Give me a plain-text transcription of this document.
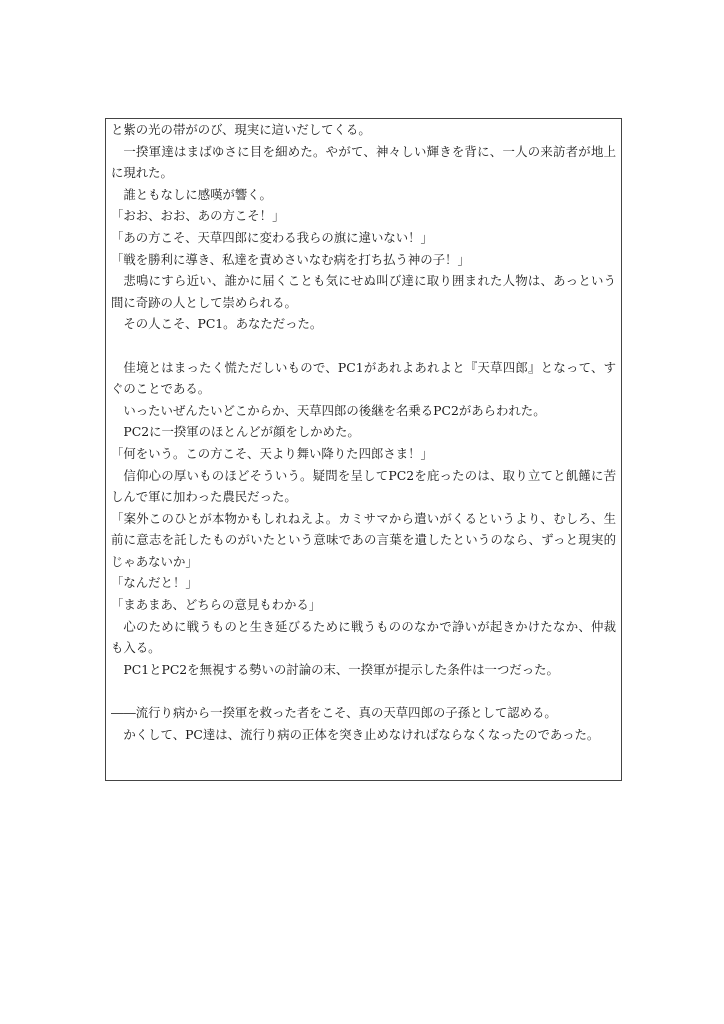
と紫の光の帯がのび、現実に這いだしてくる。

一揆軍達はまばゆさに目を細めた。やがて、神々しい輝きを背に、一人の来訪者が地上に現れた。

誰ともなしに感嘆が響く。

「おお、おお、あの方こそ！」

「あの方こそ、天草四郎に変わる我らの旗に違いない！」

「戦を勝利に導き、私達を責めさいなむ病を打ち払う神の子！」

悲鳴にすら近い、誰かに届くことも気にせぬ叫び達に取り囲まれた人物は、あっという間に奇跡の人として崇められる。

その人こそ、PC1。あなただった。

佳境とはまったく慌ただしいもので、PC1があれよあれよと『天草四郎』となって、すぐのことである。

いったいぜんたいどこからか、天草四郎の後継を名乗るPC2があらわれた。

PC2に一揆軍のほとんどが顔をしかめた。

「何をいう。この方こそ、天より舞い降りた四郎さま！」

信仰心の厚いものほどそういう。疑問を呈してPC2を庇ったのは、取り立てと飢饉に苦しんで軍に加わった農民だった。

「案外このひとが本物かもしれねえよ。カミサマから遣いがくるというより、むしろ、生前に意志を託したものがいたという意味であの言葉を遺したというのなら、ずっと現実的じゃあないか」

「なんだと！」

「まあまあ、どちらの意見もわかる」

心のために戦うものと生き延びるために戦うもののなかで諍いが起きかけたなか、仲裁も入る。

PC1とPC2を無視する勢いの討論の末、一揆軍が提示した条件は一つだった。

――流行り病から一揆軍を救った者をこそ、真の天草四郎の子孫として認める。

かくして、PC達は、流行り病の正体を突き止めなければならなくなったのであった。
